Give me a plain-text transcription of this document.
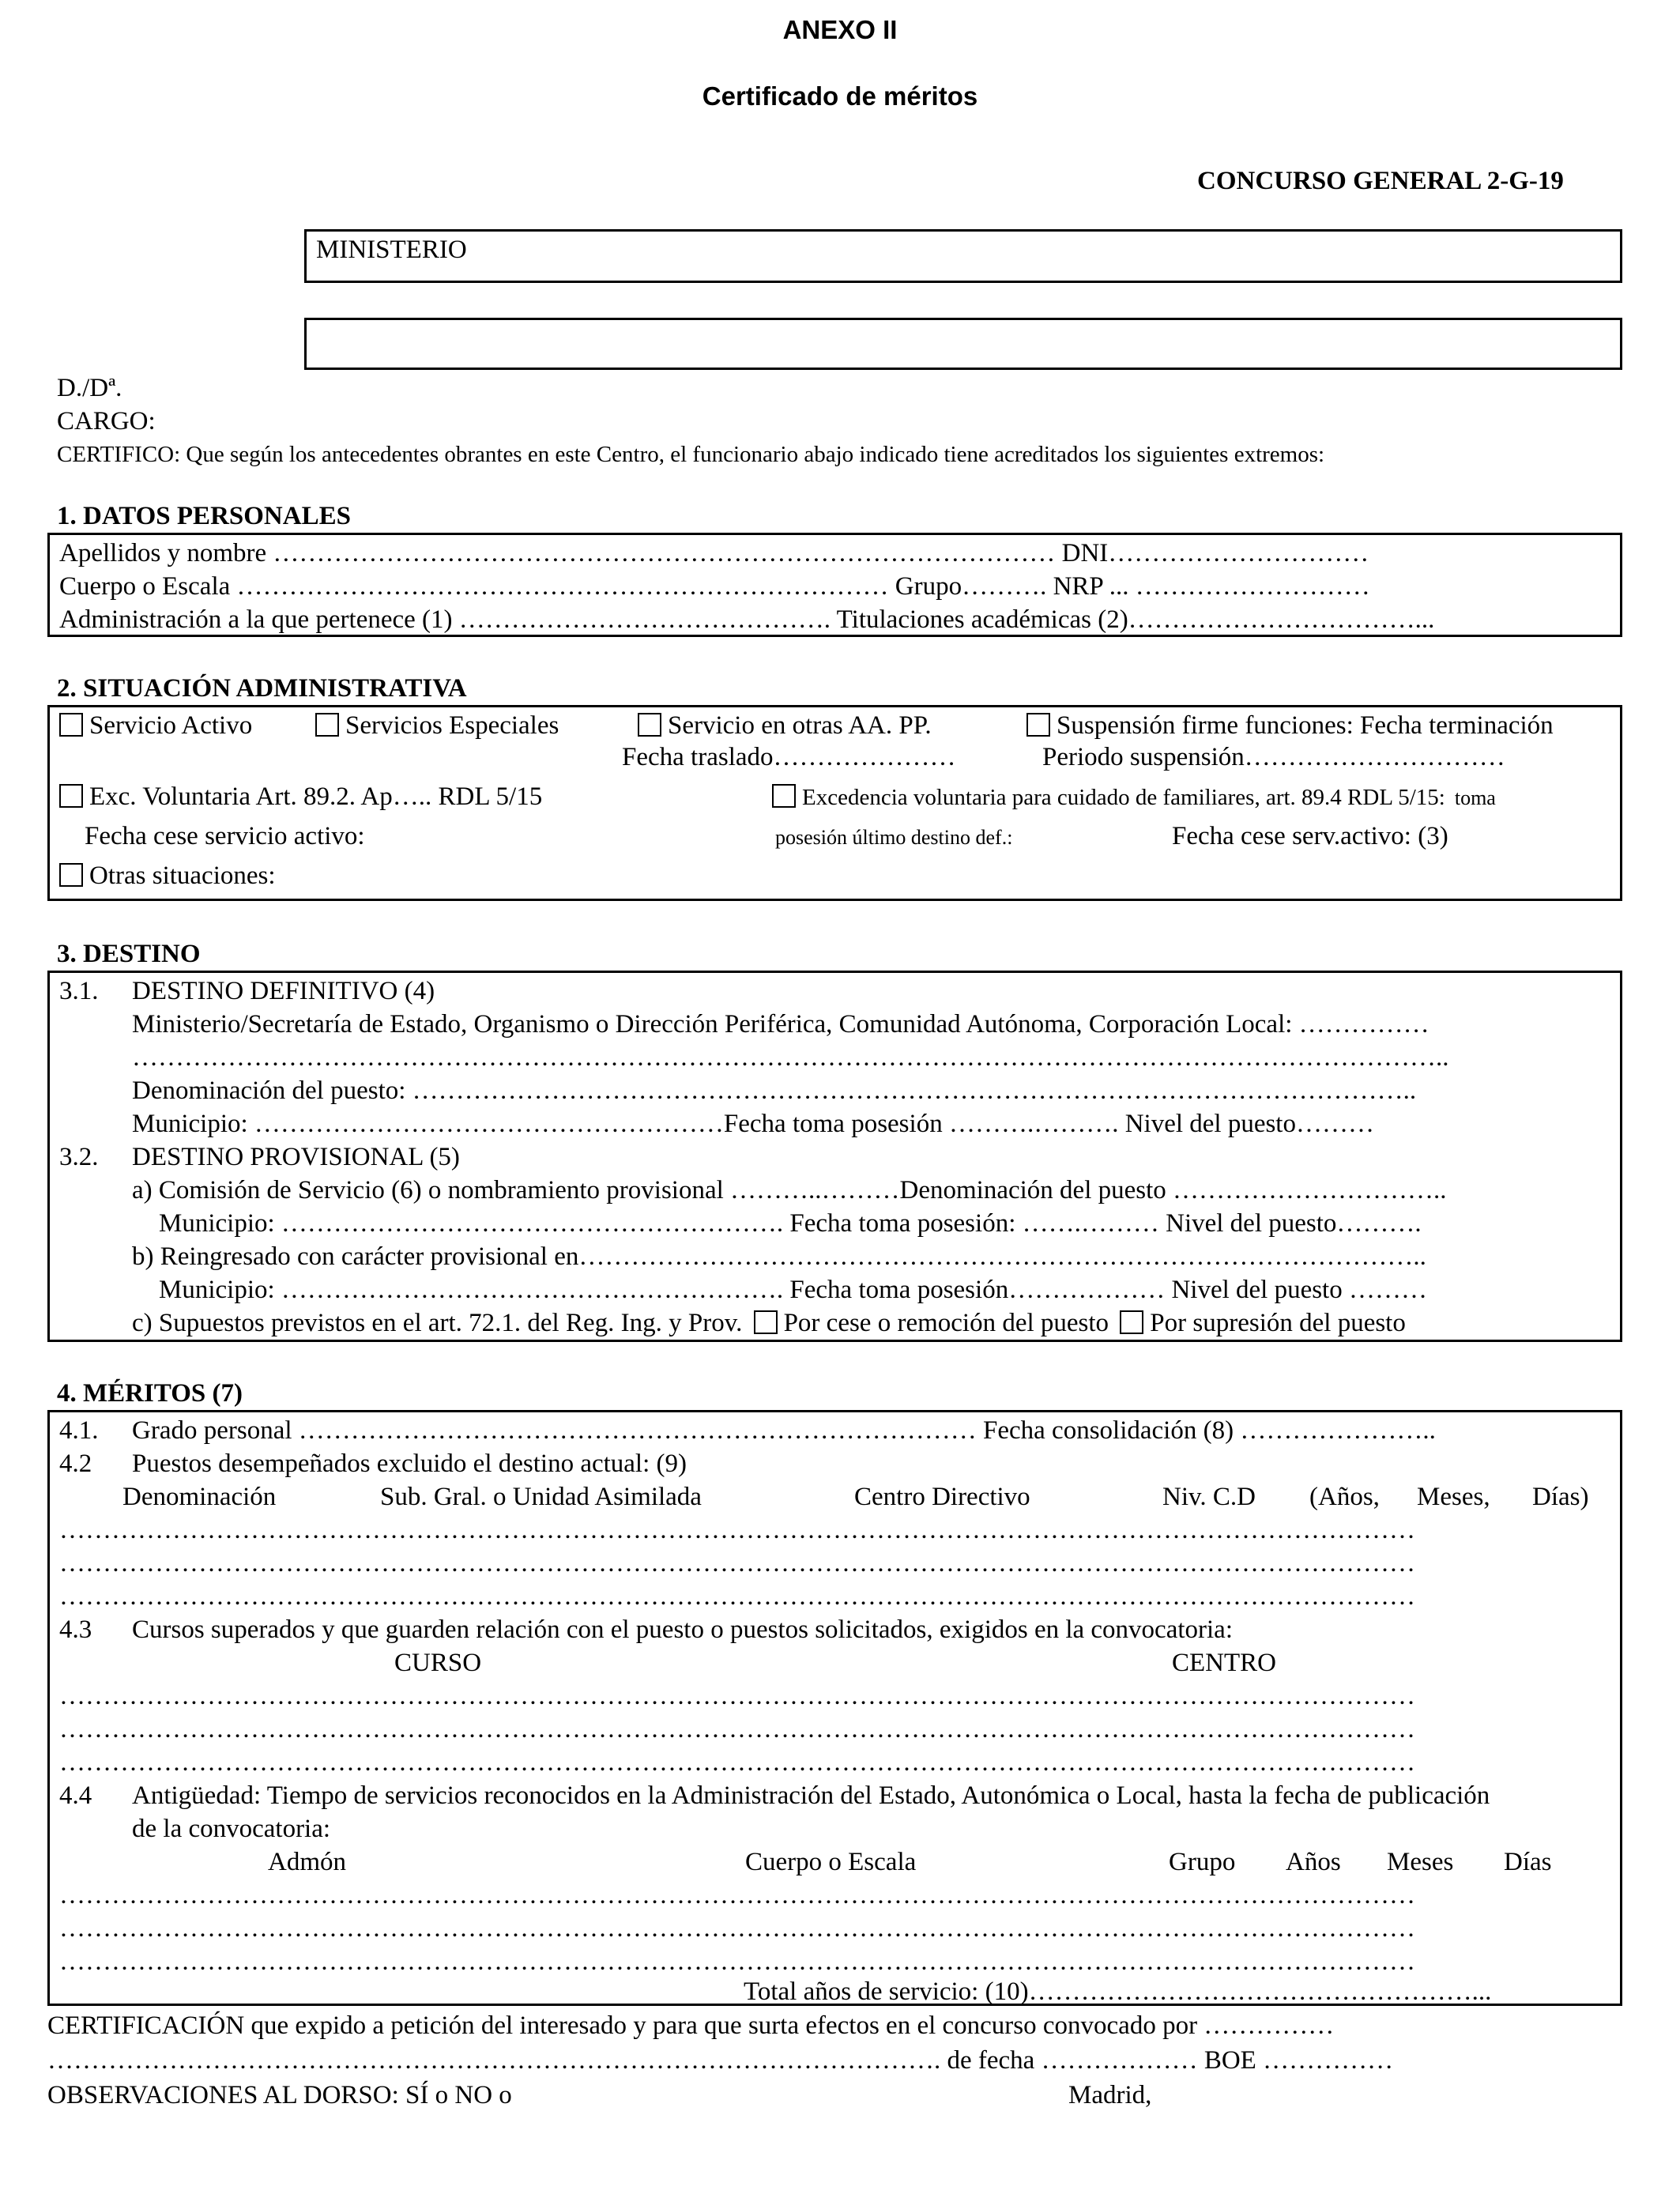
ANEXO II
Certificado de méritos
CONCURSO GENERAL 2-G-19
MINISTERIO
D./Dª.
CARGO:
CERTIFICO: Que según los antecedentes obrantes en este Centro, el funcionario abajo indicado tiene acreditados los siguientes extremos:
1. DATOS PERSONALES
Apellidos y nombre ……………………………………………………………………………… DNI…………………………
Cuerpo o Escala ………………………………………………………………… Grupo………. NRP ... ………………………
Administración a la que pertenece (1) ……………………………………. Titulaciones académicas (2)……………………………...
2. SITUACIÓN ADMINISTRATIVA
Servicio Activo	Servicios Especiales	Servicio en otras AA. PP.	Suspensión firme funciones: Fecha terminación
Fecha traslado…………………	Periodo suspensión…………………………
Exc. Voluntaria Art. 89.2. Ap….. RDL 5/15	Excedencia voluntaria para cuidado de familiares, art. 89.4 RDL 5/15: toma
Fecha cese servicio activo:	posesión último destino def.:	Fecha cese serv.activo: (3)
Otras situaciones:
3. DESTINO
3.1. DESTINO DEFINITIVO (4)
Ministerio/Secretaría de Estado, Organismo o Dirección Periférica, Comunidad Autónoma, Corporación Local: ……………
……………………………………………………………………………………………………………………………………..
Denominación del puesto: ……………………………………………………………………………………………………..
Municipio: ………………………………………………Fecha toma posesión ……….………. Nivel del puesto………
3.2. DESTINO PROVISIONAL (5)
a) Comisión de Servicio (6) o nombramiento provisional ………..………Denominación del puesto …………………………..
Municipio: …………………………………………………. Fecha toma posesión: …….……… Nivel del puesto……….
b) Reingresado con carácter provisional en……………………………………………………………………………………..
Municipio: …………………………………………………. Fecha toma posesión……………… Nivel del puesto ………
c) Supuestos previstos en el art. 72.1. del Reg. Ing. y Prov. Por cese o remoción del puesto Por supresión del puesto
4. MÉRITOS (7)
4.1. Grado personal …………………………………………………………………… Fecha consolidación (8) …………………..
4.2 Puestos desempeñados excluido el destino actual: (9)
Denominación	Sub. Gral. o Unidad Asimilada	Centro Directivo	Niv. C.D (Años, Meses, Días)
…………………………………………………………………………………………………………………………………………
…………………………………………………………………………………………………………………………………………
…………………………………………………………………………………………………………………………………………
4.3 Cursos superados y que guarden relación con el puesto o puestos solicitados, exigidos en la convocatoria:
CURSO	CENTRO
…………………………………………………………………………………………………………………………………………
…………………………………………………………………………………………………………………………………………
…………………………………………………………………………………………………………………………………………
4.4 Antigüedad: Tiempo de servicios reconocidos en la Administración del Estado, Autonómica o Local, hasta la fecha de publicación
de la convocatoria:
Admón	Cuerpo o Escala	Grupo Años Meses Días
…………………………………………………………………………………………………………………………………………
…………………………………………………………………………………………………………………………………………
…………………………………………………………………………………………………………………………………………
Total años de servicio: (10)……………………………………………...
CERTIFICACIÓN que expido a petición del interesado y para que surta efectos en el concurso convocado por ……………
…………………………………………………………………………………………. de fecha ……………… BOE ……………
OBSERVACIONES AL DORSO: SÍ o NO o	Madrid,
